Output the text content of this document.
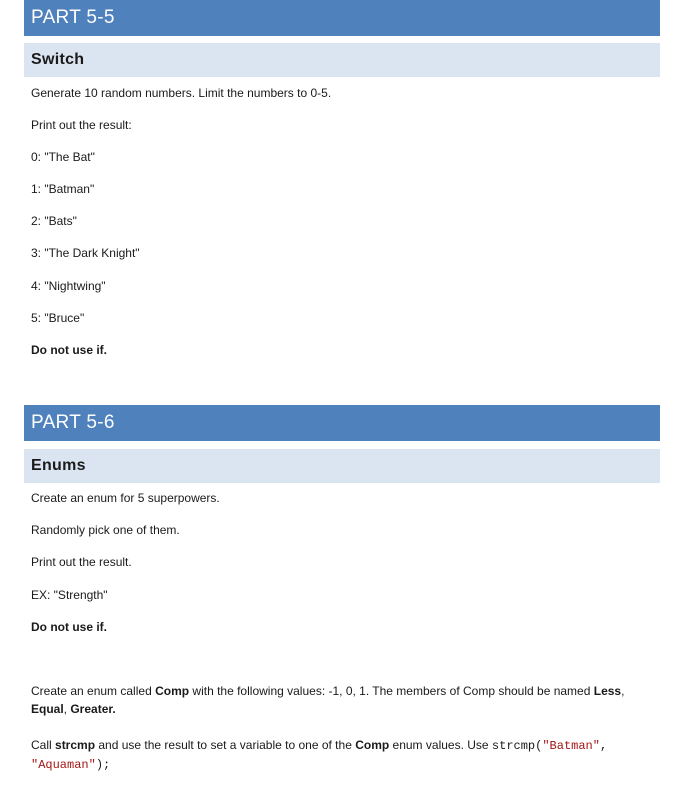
PART 5-5
Switch
Generate 10 random numbers. Limit the numbers to 0-5.
Print out the result:
0: "The Bat"
1: "Batman"
2: "Bats"
3: "The Dark Knight"
4: "Nightwing"
5: "Bruce"
Do not use if.
PART 5-6
Enums
Create an enum for 5 superpowers.
Randomly pick one of them.
Print out the result.
EX: "Strength"
Do not use if.
Create an enum called Comp with the following values: -1, 0, 1. The members of Comp should be named Less,
Equal, Greater.
Call strcmp and use the result to set a variable to one of the Comp enum values. Use strcmp("Batman",
"Aquaman");
